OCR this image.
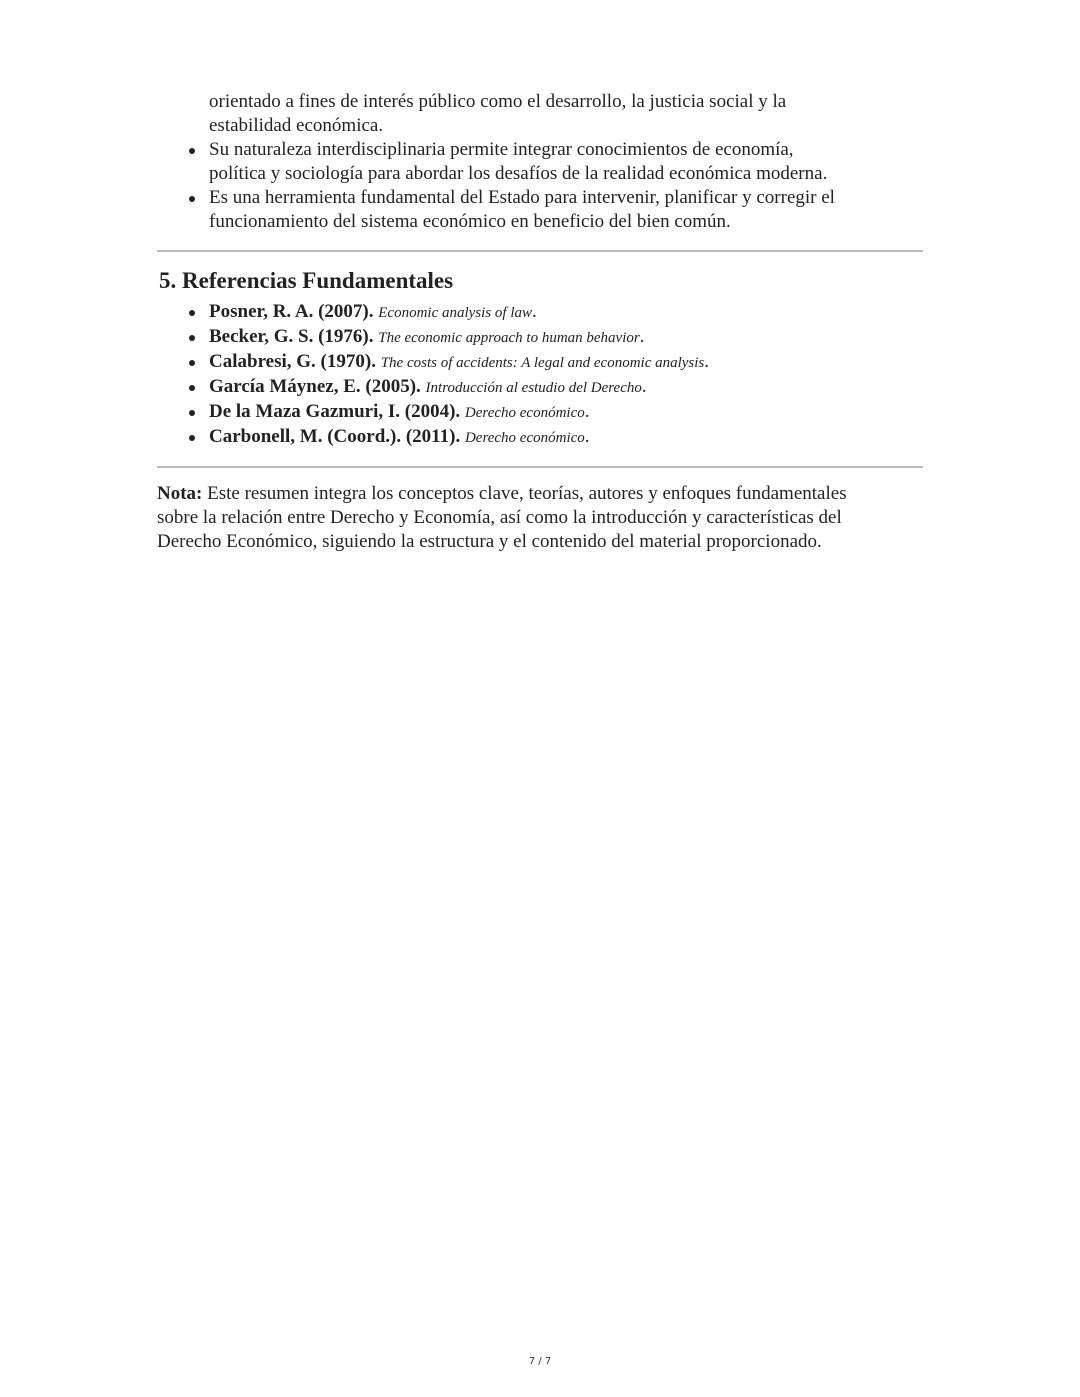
orientado a fines de interés público como el desarrollo, la justicia social y la
estabilidad económica.
Su naturaleza interdisciplinaria permite integrar conocimientos de economía,
política y sociología para abordar los desafíos de la realidad económica moderna.
Es una herramienta fundamental del Estado para intervenir, planificar y corregir el
funcionamiento del sistema económico en beneficio del bien común.
5. Referencias Fundamentales
Posner, R. A. (2007). Economic analysis of law.
Becker, G. S. (1976). The economic approach to human behavior.
Calabresi, G. (1970). The costs of accidents: A legal and economic analysis.
García Máynez, E. (2005). Introducción al estudio del Derecho.
De la Maza Gazmuri, I. (2004). Derecho económico.
Carbonell, M. (Coord.). (2011). Derecho económico.
Nota: Este resumen integra los conceptos clave, teorías, autores y enfoques fundamentales
sobre la relación entre Derecho y Economía, así como la introducción y características del
Derecho Económico, siguiendo la estructura y el contenido del material proporcionado.
7 / 7
